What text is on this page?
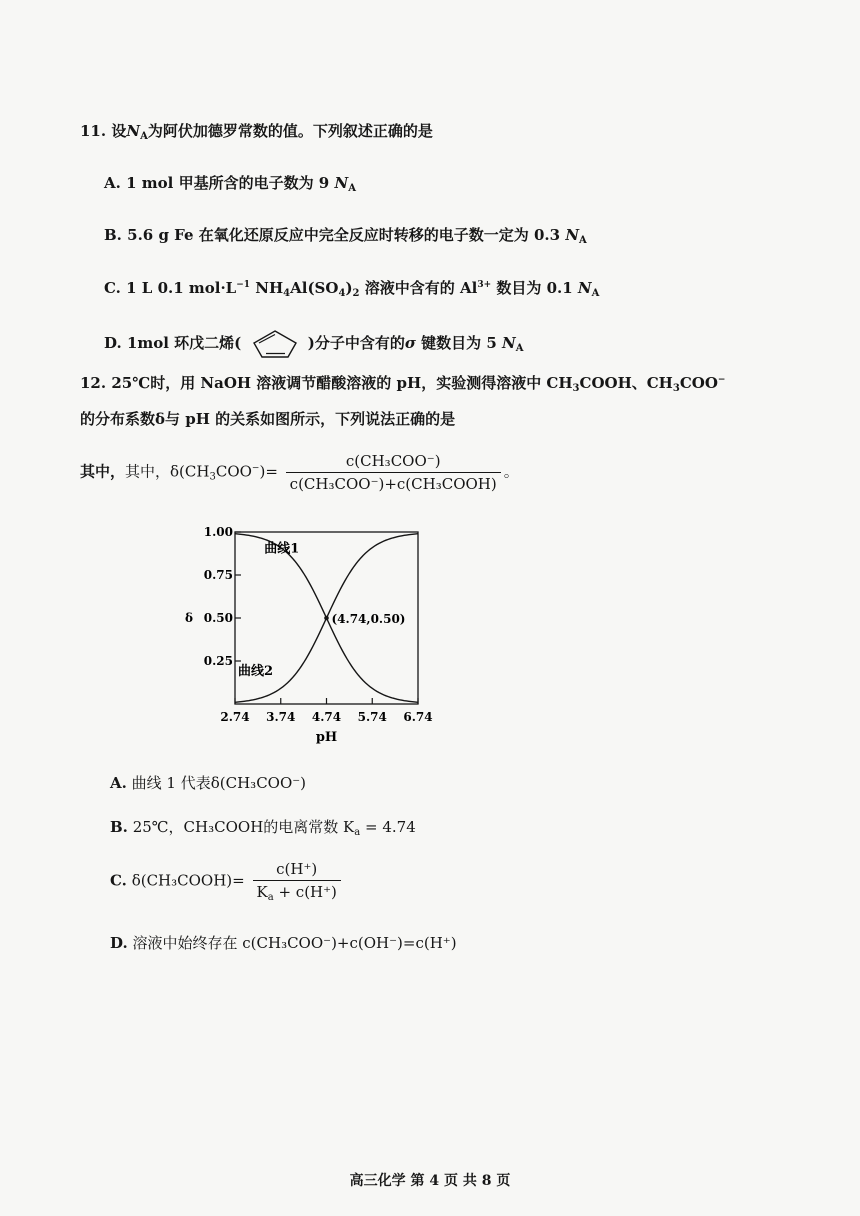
11. 设$N_A$为阿伏加德罗常数的值。下列叙述正确的是
A. 1 mol 甲基所含的电子数为 9 $N_A$
B. 5.6 g Fe 在氧化还原反应中完全反应时转移的电子数一定为 0.3 $N_A$
C. 1 L 0.1 $mol\cdot L^{-1}$ $NH_4Al(SO_4)_2$ 溶液中含有的 $Al^{3+}$ 数目为 0.1 $N_A$
D. 1mol 环戊二烯(	)分子中含有的σ 键数目为 5 $N_A$
12. 25℃时，用 NaOH 溶液调节醋酸溶液的 pH，实验测得溶液中 $CH_3COOH$、$CH_3COO^-$
的分布系数δ与 pH 的关系如图所示，下列说法正确的是
其中，其中，$\delta(CH_3COO^-)= \frac{\text{c(CH₃COO⁻)}}{\text{c(CH₃COO⁻)+c(CH₃COOH)}}$ 。
2.74 3.74 4.74 5.74 6.74
0.25
0.50
0.75
1.00
pH
δ
曲线1
曲线2
(4.74,0.50)
A. 曲线 1 代表δ(CH₃COO⁻)
B. 25℃，CH₃COOH的电离常数 $K_a = 4.74$
C. δ(CH₃COOH)= $\frac{c(H^+)}{K_a + c(H^+)}$
D. 溶液中始终存在 c(CH₃COO⁻)+c(OH⁻)=c(H⁺)
高三化学 第 4 页 共 8 页
